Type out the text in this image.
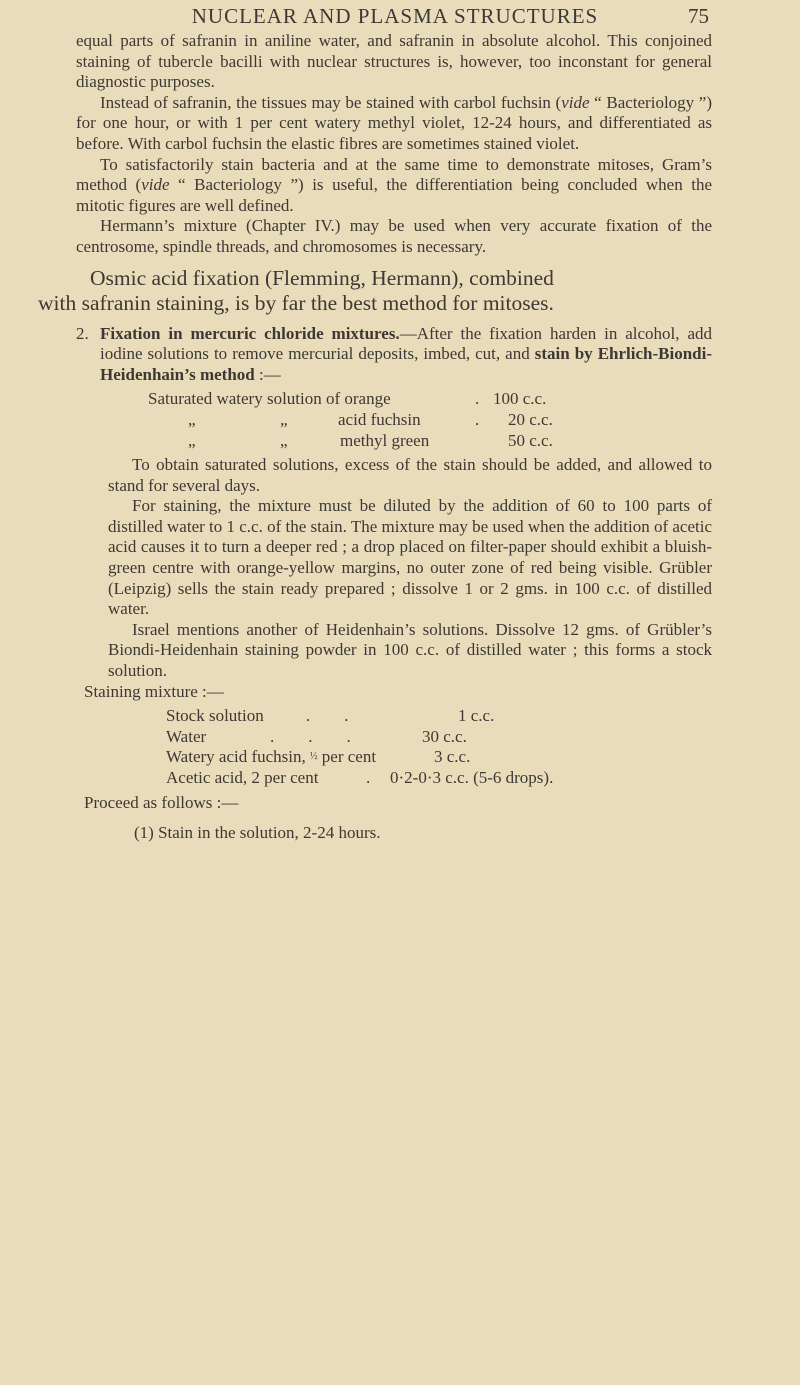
NUCLEAR AND PLASMA STRUCTURES	75
equal parts of safranin in aniline water, and safranin in absolute alcohol. This conjoined staining of tubercle bacilli with nuclear structures is, however, too inconstant for general diagnostic purposes.
Instead of safranin, the tissues may be stained with carbol fuchsin (vide “ Bacteriology ”) for one hour, or with 1 per cent watery methyl violet, 12-24 hours, and differentiated as before. With carbol fuchsin the elastic fibres are sometimes stained violet.
To satisfactorily stain bacteria and at the same time to demonstrate mitoses, Gram’s method (vide “ Bacteriology ”) is useful, the differentiation being concluded when the mitotic figures are well defined.
Hermann’s mixture (Chapter IV.) may be used when very accurate fixation of the centrosome, spindle threads, and chromosomes is necessary.
Osmic acid fixation (Flemming, Hermann), combined
with safranin staining, is by far the best method for mitoses.
2. Fixation in mercuric chloride mixtures.—After the fixation harden in alcohol, add iodine solutions to remove mercurial deposits, imbed, cut, and stain by Ehrlich-Biondi-Heidenhain’s method :—
Saturated watery solution of orange	. 100 c.c.
„	„	acid fuchsin	. 20 c.c.
„	„	methyl green	50 c.c.
To obtain saturated solutions, excess of the stain should be added, and allowed to stand for several days.
For staining, the mixture must be diluted by the addition of 60 to 100 parts of distilled water to 1 c.c. of the stain. The mixture may be used when the addition of acetic acid causes it to turn a deeper red ; a drop placed on filter-paper should exhibit a bluish-green centre with orange-yellow margins, no outer zone of red being visible. Grübler (Leipzig) sells the stain ready prepared ; dissolve 1 or 2 gms. in 100 c.c. of distilled water.
Israel mentions another of Heidenhain’s solutions. Dissolve 12 gms. of Grübler’s Biondi-Heidenhain staining powder in 100 c.c. of distilled water ; this forms a stock solution.
Staining mixture :—
Stock solution .        .	1 c.c.
Water	.        .        .	30 c.c.
Watery acid fuchsin, ½ per cent	3 c.c.
Acetic acid, 2 per cent	. 0·2-0·3 c.c. (5-6 drops).
Proceed as follows :—
(1) Stain in the solution, 2-24 hours.
